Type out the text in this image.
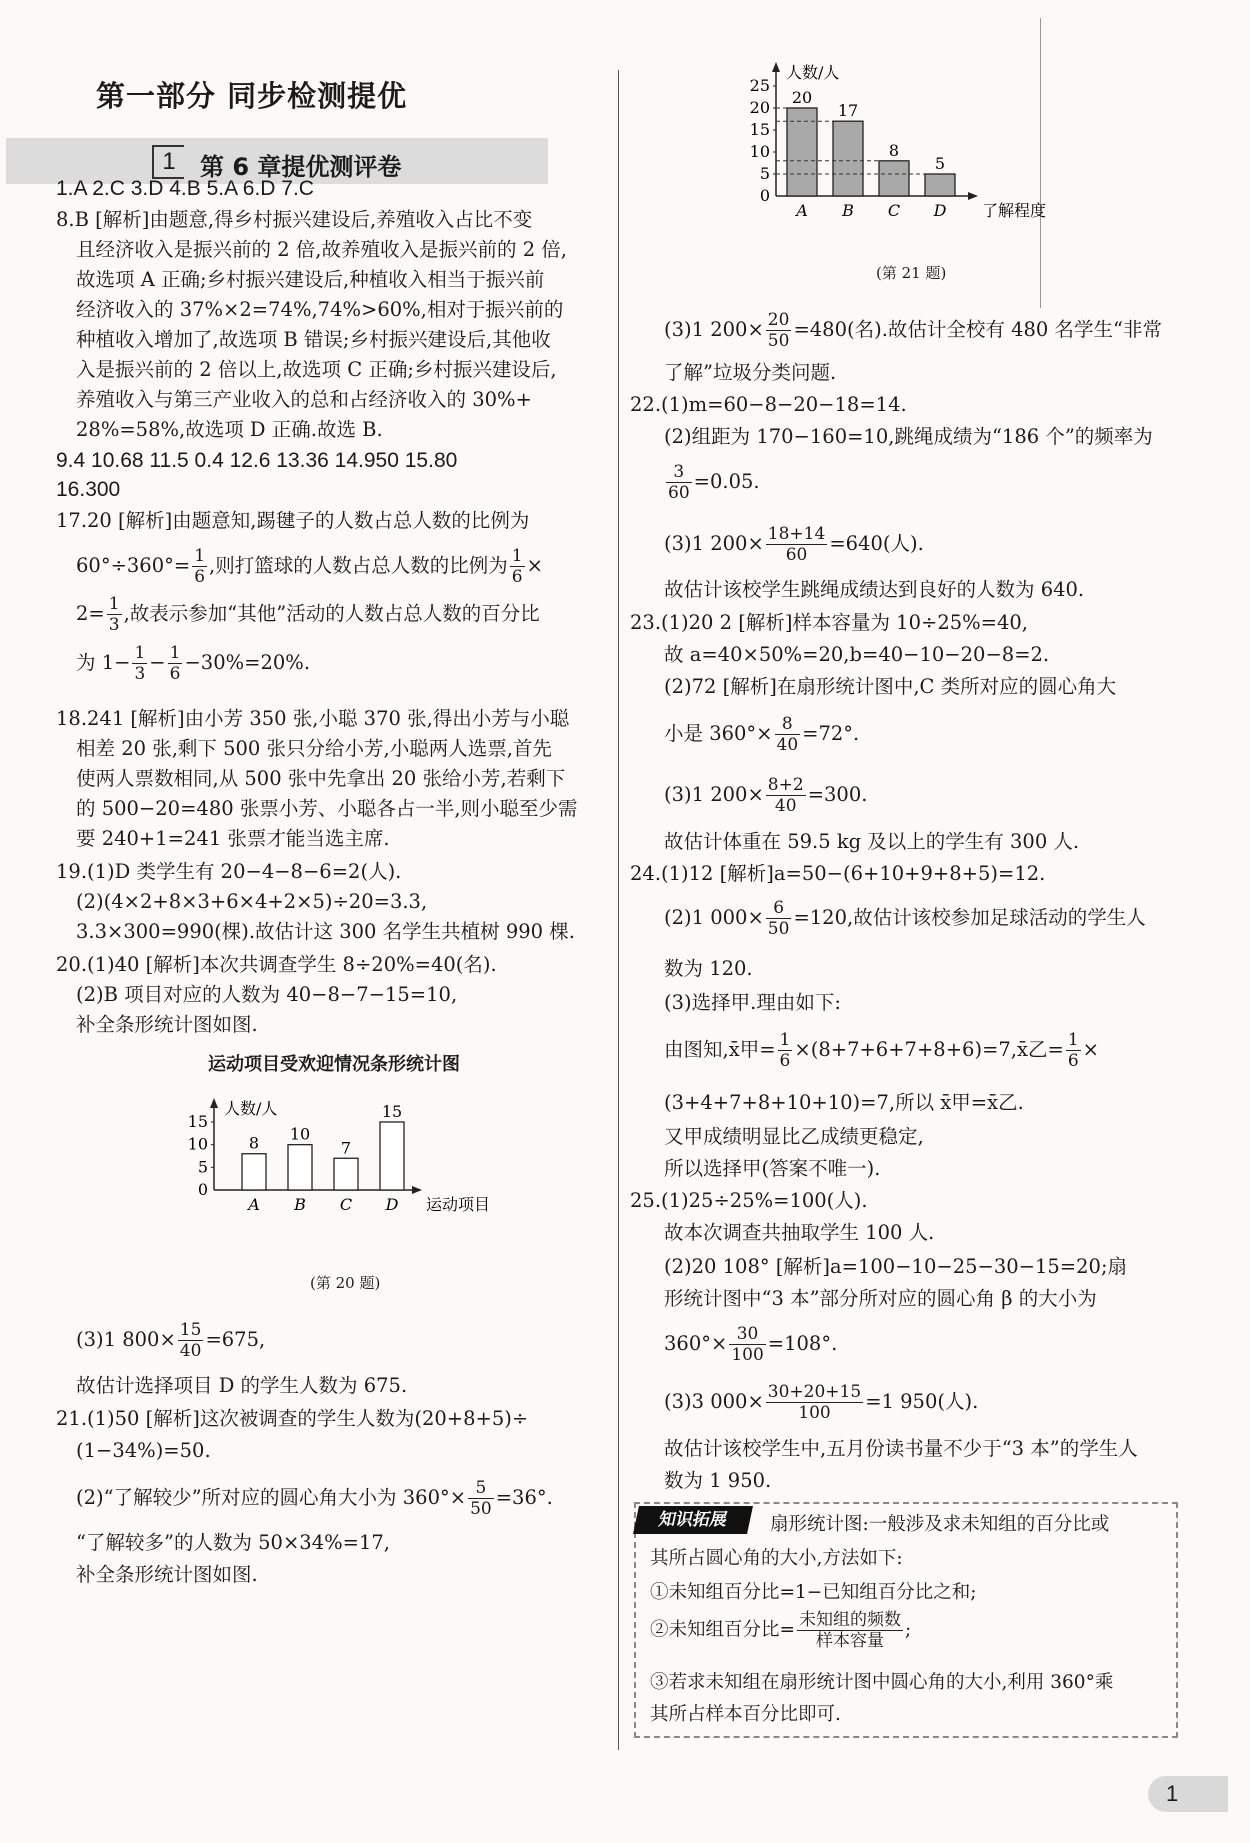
第一部分 同步检测提优
1	第 6 章提优测评卷
1.A 2.C 3.D 4.B 5.A 6.D 7.C
8.B [解析]由题意,得乡村振兴建设后,养殖收入占比不变
且经济收入是振兴前的 2 倍,故养殖收入是振兴前的 2 倍,
故选项 A 正确;乡村振兴建设后,种植收入相当于振兴前
经济收入的 37%×2=74%,74%>60%,相对于振兴前的
种植收入增加了,故选项 B 错误;乡村振兴建设后,其他收
入是振兴前的 2 倍以上,故选项 C 正确;乡村振兴建设后,
养殖收入与第三产业收入的总和占经济收入的 30%+
28%=58%,故选项 D 正确.故选 B.
9.4 10.68 11.5 0.4 12.6 13.36 14.950 15.80
16.300
17.20 [解析]由题意知,踢毽子的人数占总人数的比例为
$60^\circ\div 360^\circ= \frac{1}{6}$ ,则打篮球的人数占总人数的比例为 $\frac{1}{6}$ ×
$2= \frac{1}{3}$ ,故表示参加“其他”活动的人数占总人数的百分比
为 $1- \frac{1}{3} - \frac{1}{6} -30\%=20\%$.
18.241 [解析]由小芳 350 张,小聪 370 张,得出小芳与小聪
相差 20 张,剩下 500 张只分给小芳,小聪两人选票,首先
使两人票数相同,从 500 张中先拿出 20 张给小芳,若剩下
的 500−20=480 张票小芳、小聪各占一半,则小聪至少需
要 240+1=241 张票才能当选主席.
19.(1)D 类学生有 20−4−8−6=2(人).
(2)(4×2+8×3+6×4+2×5)÷20=3.3,
3.3×300=990(棵).故估计这 300 名学生共植树 990 棵.
20.(1)40 [解析]本次共调查学生 8÷20%=40(名).
(2)B 项目对应的人数为 40−8−7−15=10,
补全条形统计图如图.
运动项目受欢迎情况条形统计图
0
5
10
15
人数/人
运动项目
8
A
10
B
7
C
15
D
(第 20 题)
(3)1 $800\times \frac{15}{40} =675$,
故估计选择项目 D 的学生人数为 675.
21.(1)50 [解析]这次被调查的学生人数为(20+8+5)÷
(1−34%)=50.
(2)“了解较少”所对应的圆心角大小为 $360^\circ\times \frac{5}{50} =36^\circ$.
“了解较多”的人数为 50×34%=17,
补全条形统计图如图.
0
5
10
15
20
25
人数/人
了解程度
20
A
17
B
8
C
5
D
(第 21 题)
(3)1 $200\times \frac{20}{50} =480$(名).故估计全校有 480 名学生“非常
了解”垃圾分类问题.
22.(1)m=60−8−20−18=14.
(2)组距为 170−160=10,跳绳成绩为“186 个”的频率为
$\frac{3}{60} =0.05$.
(3)1 $200\times \frac{18+14}{60} =640$(人).
故估计该校学生跳绳成绩达到良好的人数为 640.
23.(1)20 2 [解析]样本容量为 10÷25%=40,
故 a=40×50%=20,b=40−10−20−8=2.
(2)72 [解析]在扇形统计图中,C 类所对应的圆心角大
小是 $360^\circ\times \frac{8}{40} =72^\circ$.
(3)1 $200\times \frac{8+2}{40} =300$.
故估计体重在 59.5 kg 及以上的学生有 300 人.
24.(1)12 [解析]a=50−(6+10+9+8+5)=12.
(2)1 $000\times \frac{6}{50} =120$,故估计该校参加足球活动的学生人
数为 120.
(3)选择甲.理由如下:
由图知,x̄甲= $\frac{1}{6}$ ×(8+7+6+7+8+6)=7,x̄乙= $\frac{1}{6}$ ×
(3+4+7+8+10+10)=7,所以 x̄甲=x̄乙.
又甲成绩明显比乙成绩更稳定,
所以选择甲(答案不唯一).
25.(1)25÷25%=100(人).
故本次调查共抽取学生 100 人.
(2)20 108° [解析]a=100−10−25−30−15=20;扇
形统计图中“3 本”部分所对应的圆心角 β 的大小为
$360^\circ\times \frac{30}{100} =108^\circ$.
(3)3 $000\times \frac{30+20+15}{100} =1$ 950(人).
故估计该校学生中,五月份读书量不少于“3 本”的学生人
数为 1 950.
扇形统计图:一般涉及求未知组的百分比或
其所占圆心角的大小,方法如下:
①未知组百分比=1−已知组百分比之和;
②未知组百分比= $\frac{\text{未知组的频数}}{\text{样本容量}}$ ;
③若求未知组在扇形统计图中圆心角的大小,利用 360°乘
其所占样本百分比即可.
知识拓展
1
